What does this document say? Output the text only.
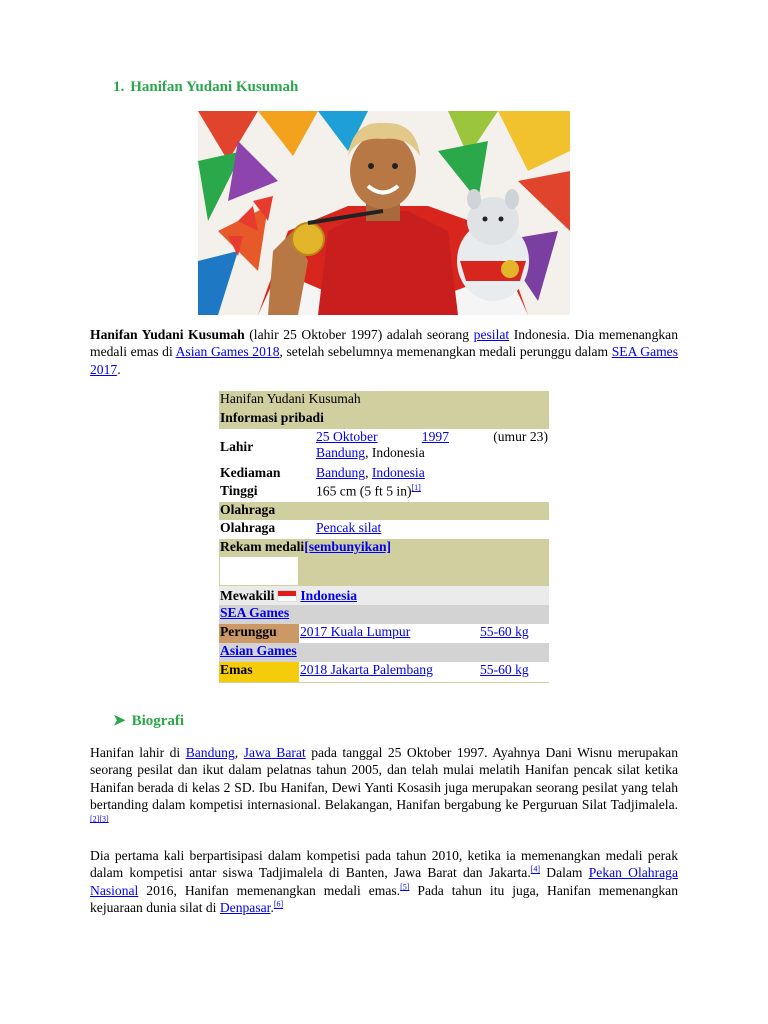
1. Hanifan Yudani Kusumah
Hanifan Yudani Kusumah (lahir 25 Oktober 1997) adalah seorang pesilat Indonesia. Dia memenangkan medali emas di Asian Games 2018, setelah sebelumnya memenangkan medali perunggu dalam SEA Games 2017.
Hanifan Yudani Kusumah		
Informasi pribadi		
Lahir	25 Oktober 1997 (umur 23)
Bandung, Indonesia	

Kediaman	Bandung, Indonesia	
Tinggi	165 cm (5 ft 5 in)[1]
Olahraga		
Olahraga	Pencak silat	
Rekam medali[sembunyikan]		

Mewakili Indonesia		
SEA Games		
Perunggu	2017 Kuala Lumpur	55-60 kg
Asian Games		
Emas	2018 Jakarta Palembang	55-60 kg
➤ Biografi
Hanifan lahir di Bandung, Jawa Barat pada tanggal 25 Oktober 1997. Ayahnya Dani Wisnu merupakan seorang pesilat dan ikut dalam pelatnas tahun 2005, dan telah mulai melatih Hanifan pencak silat ketika Hanifan berada di kelas 2 SD. Ibu Hanifan, Dewi Yanti Kosasih juga merupakan seorang pesilat yang telah bertanding dalam kompetisi internasional. Belakangan, Hanifan bergabung ke Perguruan Silat Tadjimalela.[2][3]
Dia pertama kali berpartisipasi dalam kompetisi pada tahun 2010, ketika ia memenangkan medali perak dalam kompetisi antar siswa Tadjimalela di Banten, Jawa Barat dan Jakarta.[4] Dalam Pekan Olahraga Nasional 2016, Hanifan memenangkan medali emas.[5] Pada tahun itu juga, Hanifan memenangkan kejuaraan dunia silat di Denpasar.[6]
